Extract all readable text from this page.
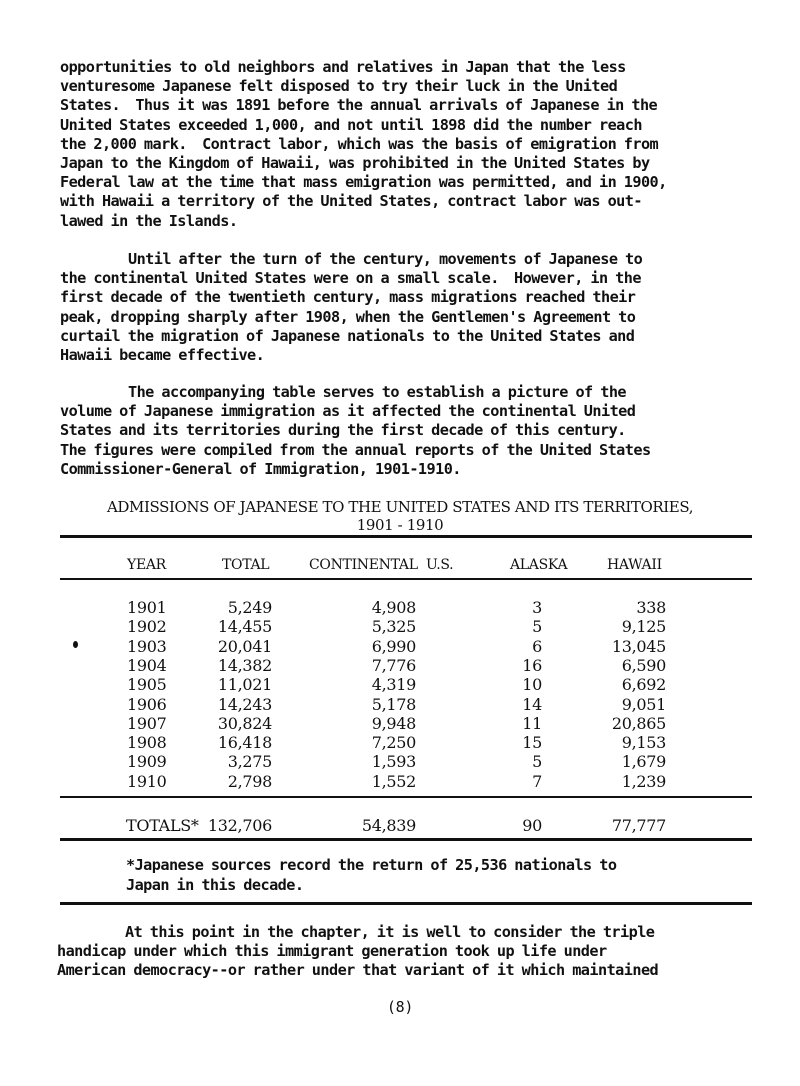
opportunities to old neighbors and relatives in Japan that the less
venturesome Japanese felt disposed to try their luck in the United
States.  Thus it was 1891 before the annual arrivals of Japanese in the
United States exceeded 1,000, and not until 1898 did the number reach
the 2,000 mark.  Contract labor, which was the basis of emigration from
Japan to the Kingdom of Hawaii, was prohibited in the United States by
Federal law at the time that mass emigration was permitted, and in 1900,
with Hawaii a territory of the United States, contract labor was out-
lawed in the Islands.
Until after the turn of the century, movements of Japanese to
the continental United States were on a small scale.  However, in the
first decade of the twentieth century, mass migrations reached their
peak, dropping sharply after 1908, when the Gentlemen's Agreement to
curtail the migration of Japanese nationals to the United States and
Hawaii became effective.
The accompanying table serves to establish a picture of the
volume of Japanese immigration as it affected the continental United
States and its territories during the first decade of this century.
The figures were compiled from the annual reports of the United States
Commissioner-General of Immigration, 1901-1910.
ADMISSIONS OF JAPANESE TO THE UNITED STATES AND ITS TERRITORIES,
1901 - 1910
YEAR	TOTAL	CONTINENTAL  U.S.	ALASKA	HAWAII
1901	5,249	4,908	3	338
1902	14,455	5,325	5	9,125
1903	20,041	6,990	6	13,045
1904	14,382	7,776	16	6,590
1905	11,021	4,319	10	6,692
1906	14,243	5,178	14	9,051
1907	30,824	9,948	11	20,865
1908	16,418	7,250	15	9,153
1909	3,275	1,593	5	1,679
1910	2,798	1,552	7	1,239
TOTALS* 132,706	54,839	90	77,777
*Japanese sources record the return of 25,536 nationals to
Japan in this decade.
At this point in the chapter, it is well to consider the triple
handicap under which this immigrant generation took up life under
American democracy--or rather under that variant of it which maintained
(8)
